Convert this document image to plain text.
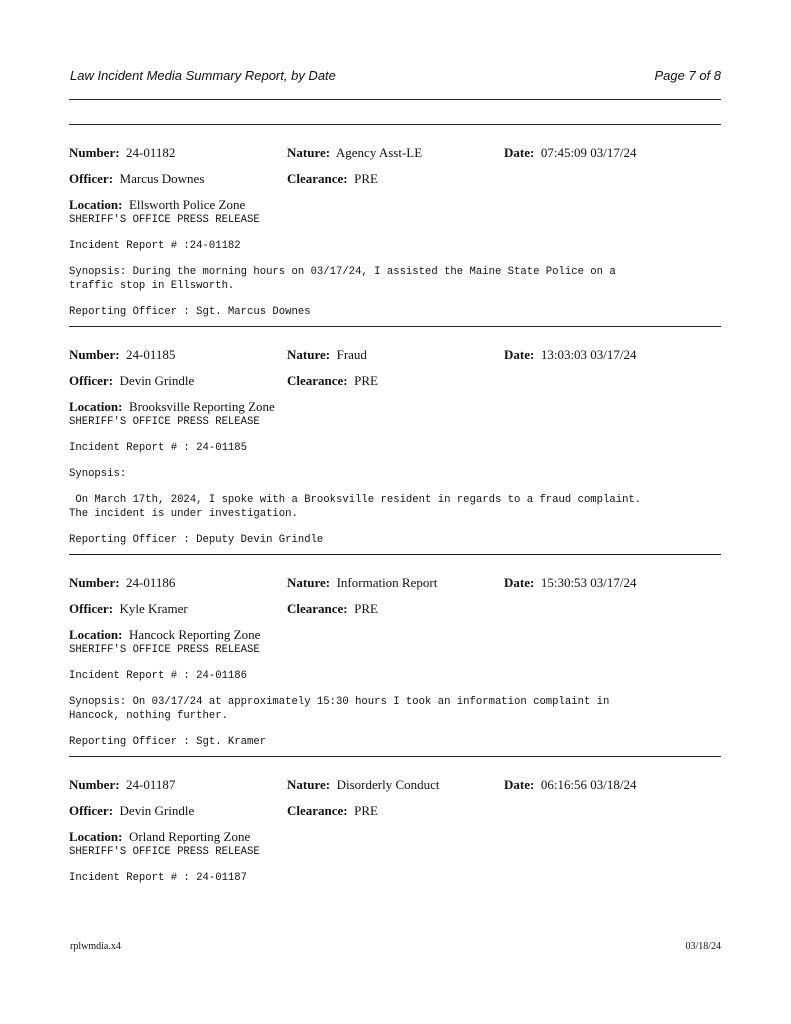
Law Incident Media Summary Report, by Date	Page 7 of 8
Number: 24-01182	Nature: Agency Asst-LE	Date: 07:45:09 03/17/24
Officer: Marcus Downes	Clearance: PRE
Location: Ellsworth Police Zone
SHERIFF'S OFFICE PRESS RELEASE
Incident Report # :24-01182
Synopsis: During the morning hours on 03/17/24, I assisted the Maine State Police on a
traffic stop in Ellsworth.
Reporting Officer : Sgt. Marcus Downes
Number: 24-01185	Nature: Fraud	Date: 13:03:03 03/17/24
Officer: Devin Grindle	Clearance: PRE
Location: Brooksville Reporting Zone
SHERIFF'S OFFICE PRESS RELEASE
Incident Report # : 24-01185
Synopsis:
On March 17th, 2024, I spoke with a Brooksville resident in regards to a fraud complaint.
The incident is under investigation.
Reporting Officer : Deputy Devin Grindle
Number: 24-01186	Nature: Information Report	Date: 15:30:53 03/17/24
Officer: Kyle Kramer	Clearance: PRE
Location: Hancock Reporting Zone
SHERIFF'S OFFICE PRESS RELEASE
Incident Report # : 24-01186
Synopsis: On 03/17/24 at approximately 15:30 hours I took an information complaint in
Hancock, nothing further.
Reporting Officer : Sgt. Kramer
Number: 24-01187	Nature: Disorderly Conduct	Date: 06:16:56 03/18/24
Officer: Devin Grindle	Clearance: PRE
Location: Orland Reporting Zone
SHERIFF'S OFFICE PRESS RELEASE
Incident Report # : 24-01187
rplwmdia.x4	03/18/24
